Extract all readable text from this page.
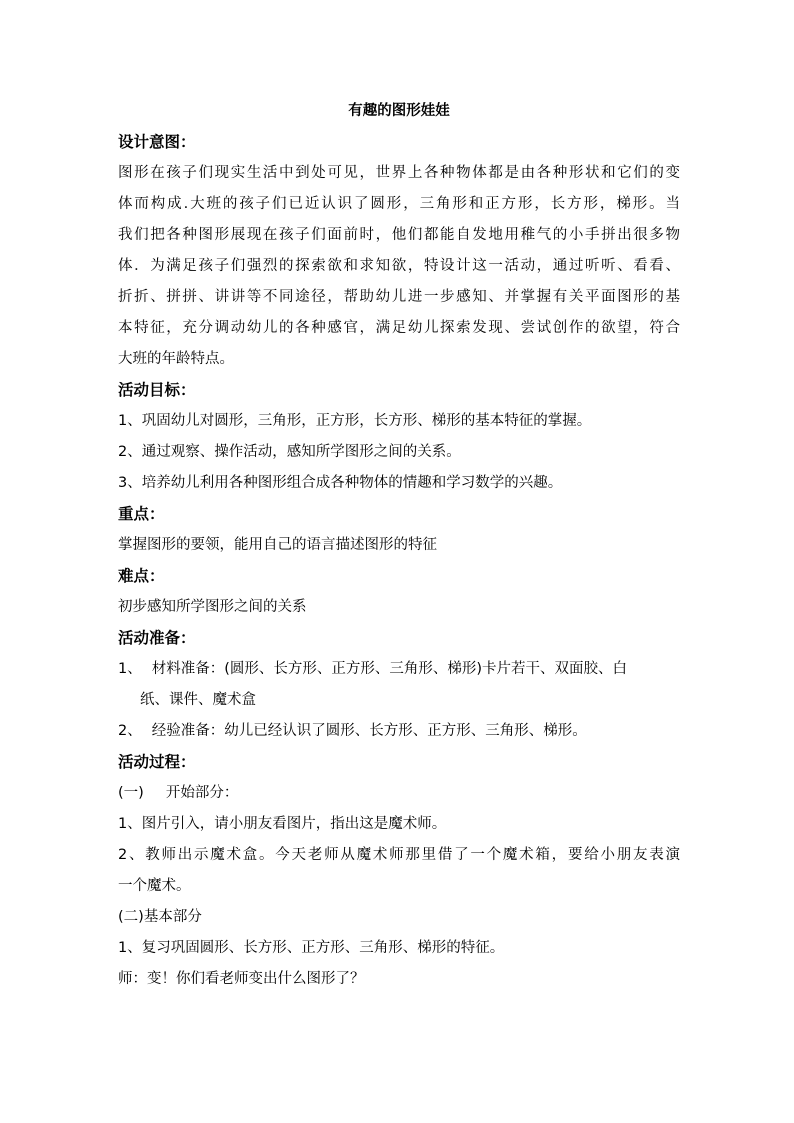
有趣的图形娃娃
设计意图：
图形在孩子们现实生活中到处可见，世界上各种物体都是由各种形状和它们的变
体而构成.大班的孩子们已近认识了圆形，三角形和正方形，长方形，梯形。当
我们把各种图形展现在孩子们面前时，他们都能自发地用稚气的小手拼出很多物
体．为满足孩子们强烈的探索欲和求知欲，特设计这一活动，通过听听、看看、
折折、拼拼、讲讲等不同途径，帮助幼儿进一步感知、并掌握有关平面图形的基
本特征，充分调动幼儿的各种感官，满足幼儿探索发现、尝试创作的欲望，符合
大班的年龄特点。
活动目标：
1、巩固幼儿对圆形，三角形，正方形，长方形、梯形的基本特征的掌握。
2、通过观察、操作活动，感知所学图形之间的关系。
3、培养幼儿利用各种图形组合成各种物体的情趣和学习数学的兴趣。
重点：
掌握图形的要领，能用自己的语言描述图形的特征
难点：
初步感知所学图形之间的关系
活动准备：
1、 材料准备：(圆形、长方形、正方形、三角形、梯形)卡片若干、双面胶、白
纸、课件、魔术盒
2、 经验准备：幼儿已经认识了圆形、长方形、正方形、三角形、梯形。
活动过程：
(一) 开始部分：
1、图片引入，请小朋友看图片，指出这是魔术师。
2、教师出示魔术盒。今天老师从魔术师那里借了一个魔术箱，要给小朋友表演
一个魔术。
(二)基本部分
1、复习巩固圆形、长方形、正方形、三角形、梯形的特征。
师：变！你们看老师变出什么图形了？
